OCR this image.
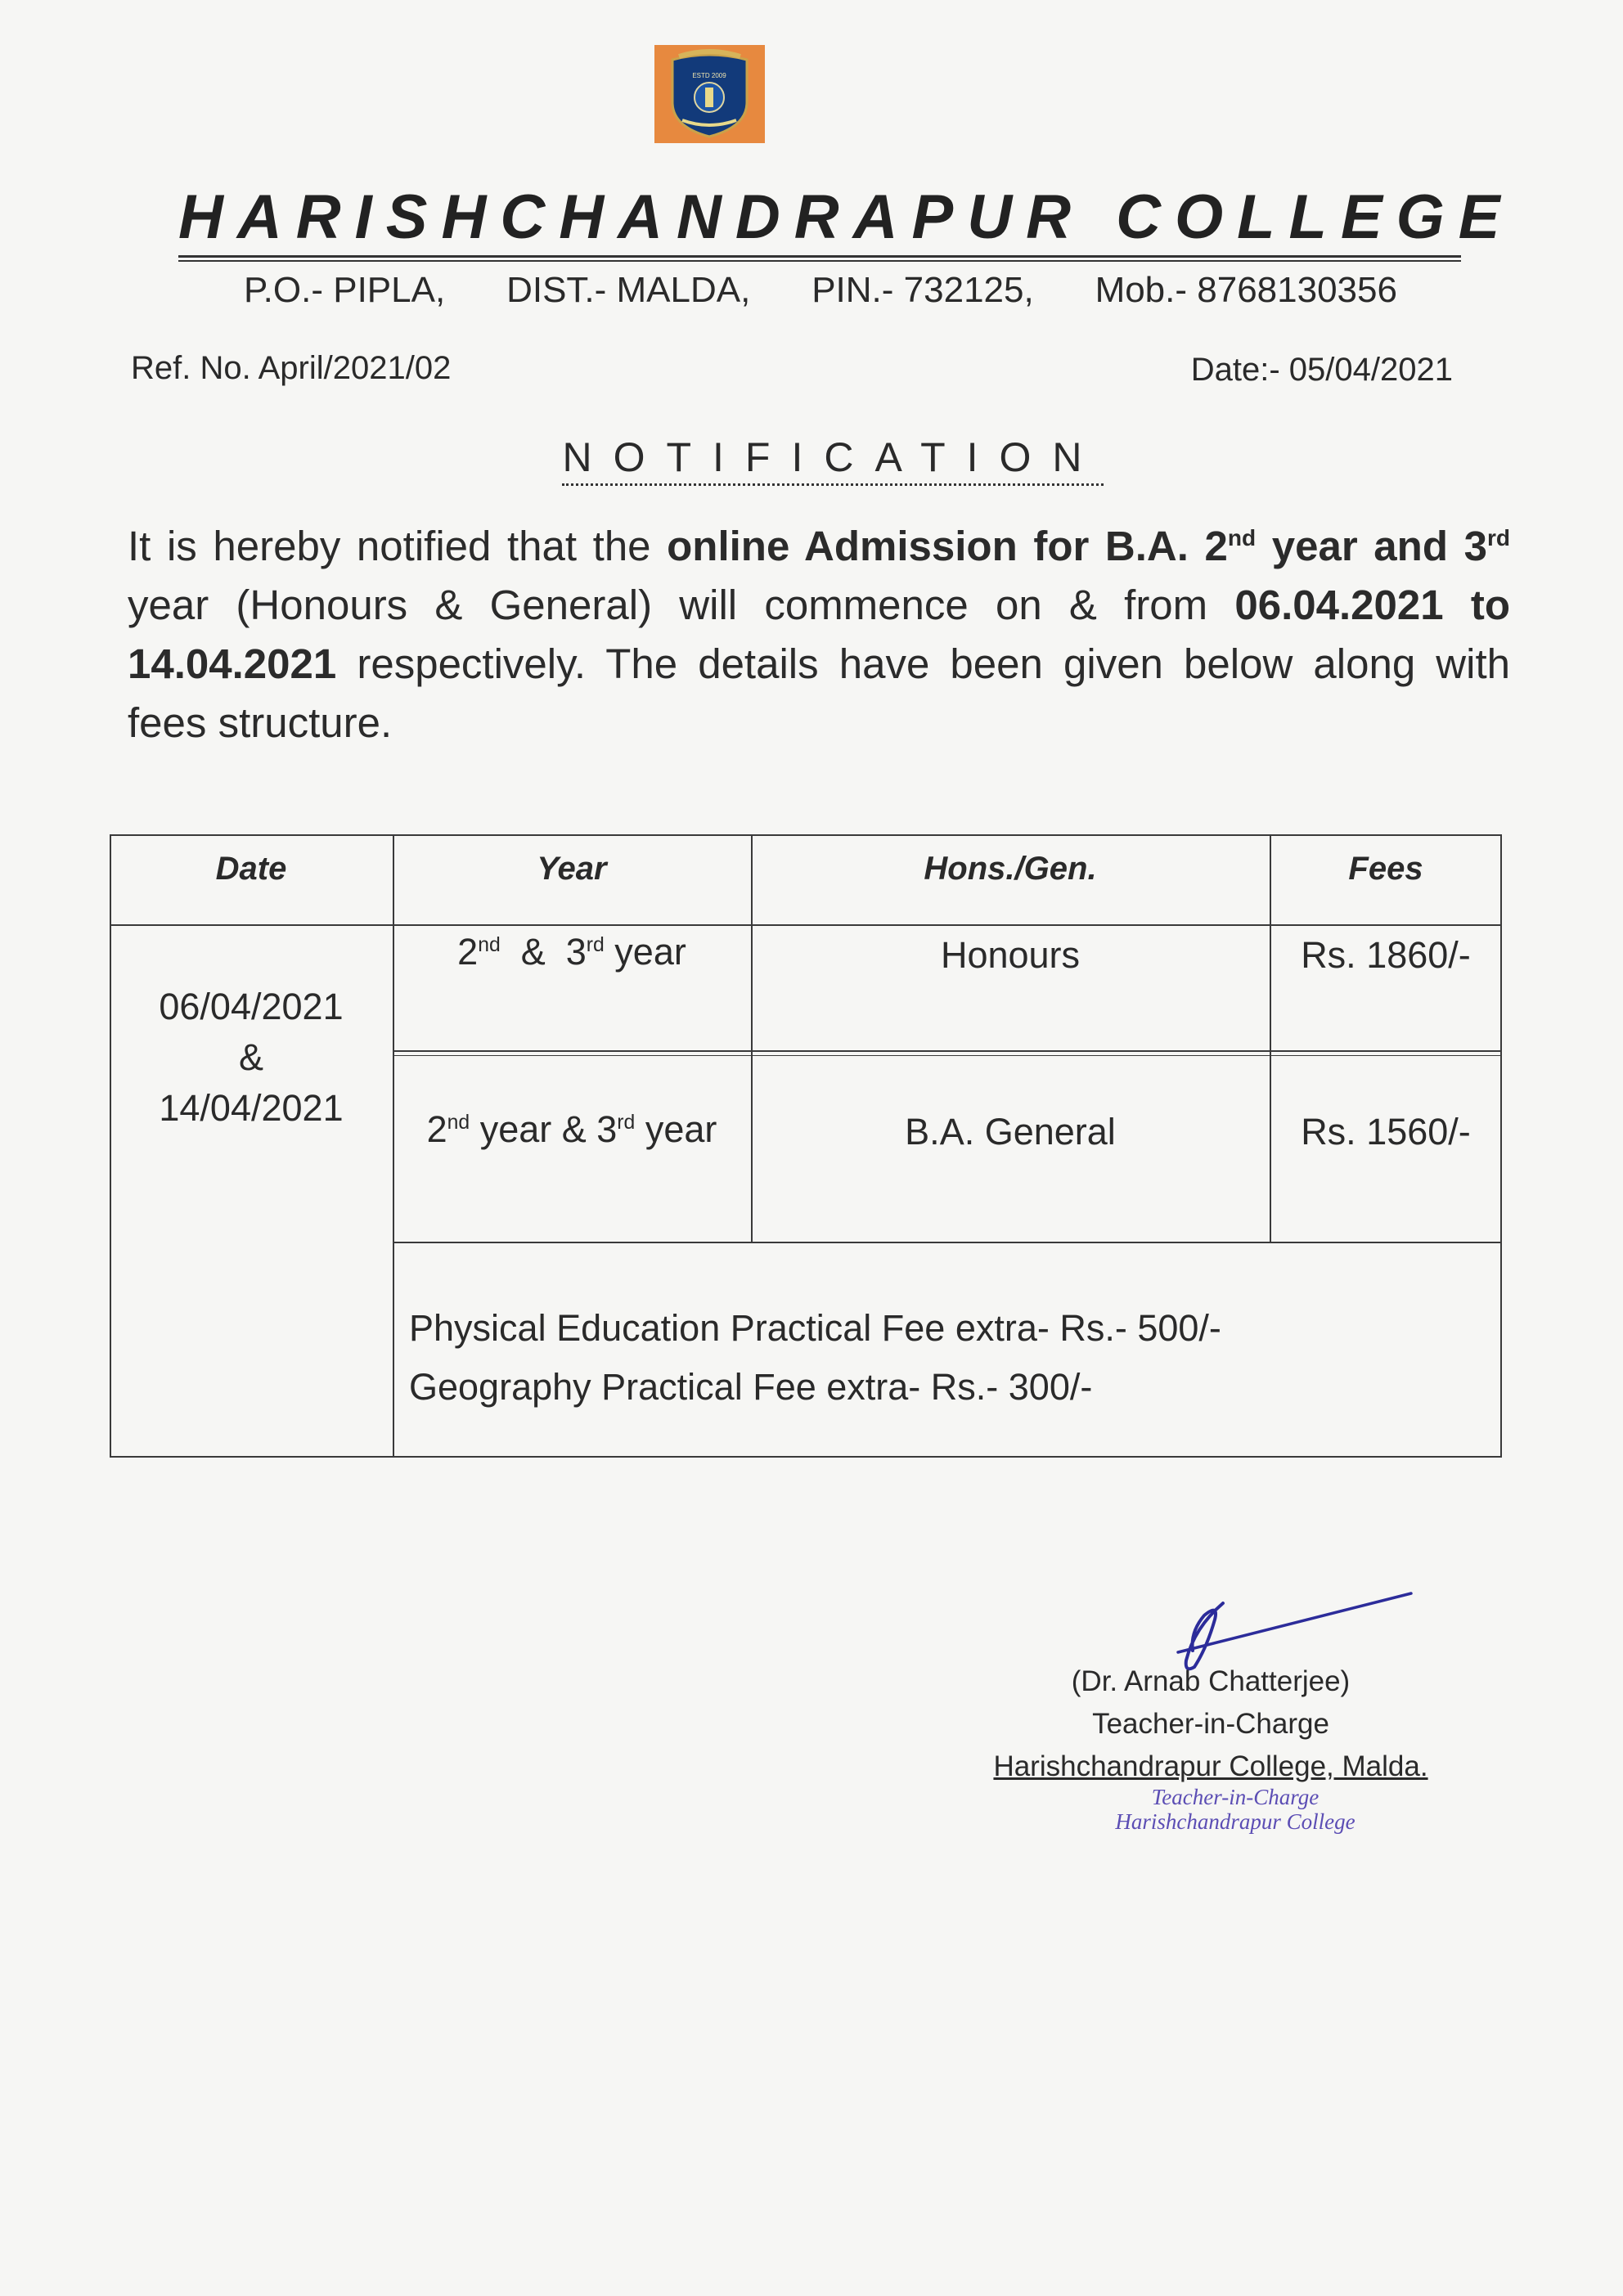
ESTD 2009
HARISHCHANDRAPUR COLLEGE
P.O.- PIPLA, DIST.- MALDA, PIN.- 732125, Mob.- 8768130356
Ref. No. April/2021/02	Date:- 05/04/2021
NOTIFICATION
It is hereby notified that the online Admission for B.A. 2nd year and 3rd year (Honours & General) will commence on & from 06.04.2021 to 14.04.2021 respectively. The details have been given below along with fees structure.
Date	Year	Hons./Gen.	Fees
06/04/2021
&
14/04/2021
2nd  &  3rd year	Honours	Rs. 1860/-
2nd year & 3rd year	B.A. General	Rs. 1560/-
Physical Education Practical Fee extra- Rs.- 500/-
Geography Practical Fee extra- Rs.- 300/-
(Dr. Arnab Chatterjee)
Teacher-in-Charge
Harishchandrapur College, Malda.
Teacher-in-Charge
Harishchandrapur College
